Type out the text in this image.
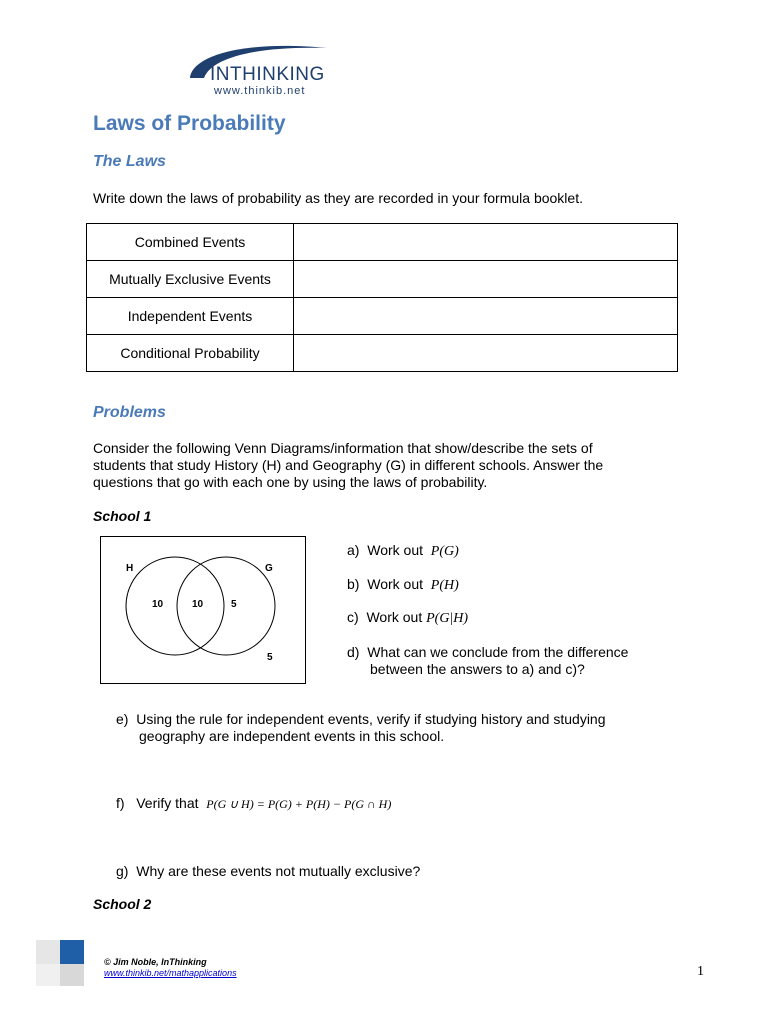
INTHINKING
www.thinkib.net
Laws of Probability
The Laws
Write down the laws of probability as they are recorded in your formula booklet.
Combined Events	
Mutually Exclusive Events	
Independent Events	
Conditional Probability	
Problems
Consider the following Venn Diagrams/information that show/describe the sets of
students that study History (H) and Geography (G) in different schools. Answer the
questions that go with each one by using the laws of probability.
School 1
H	G
10	10	5
5
a) Work out P(G)
b) Work out P(H)
c) Work out P(G|H)
d) What can we conclude from the difference
between the answers to a) and c)?
e) Using the rule for independent events, verify if studying history and studying
geography are independent events in this school.
f) Verify that P(G ∪ H) = P(G) + P(H) − P(G ∩ H)
g) Why are these events not mutually exclusive?
School 2
© Jim Noble, InThinking
www.thinkib.net/mathapplications	1
